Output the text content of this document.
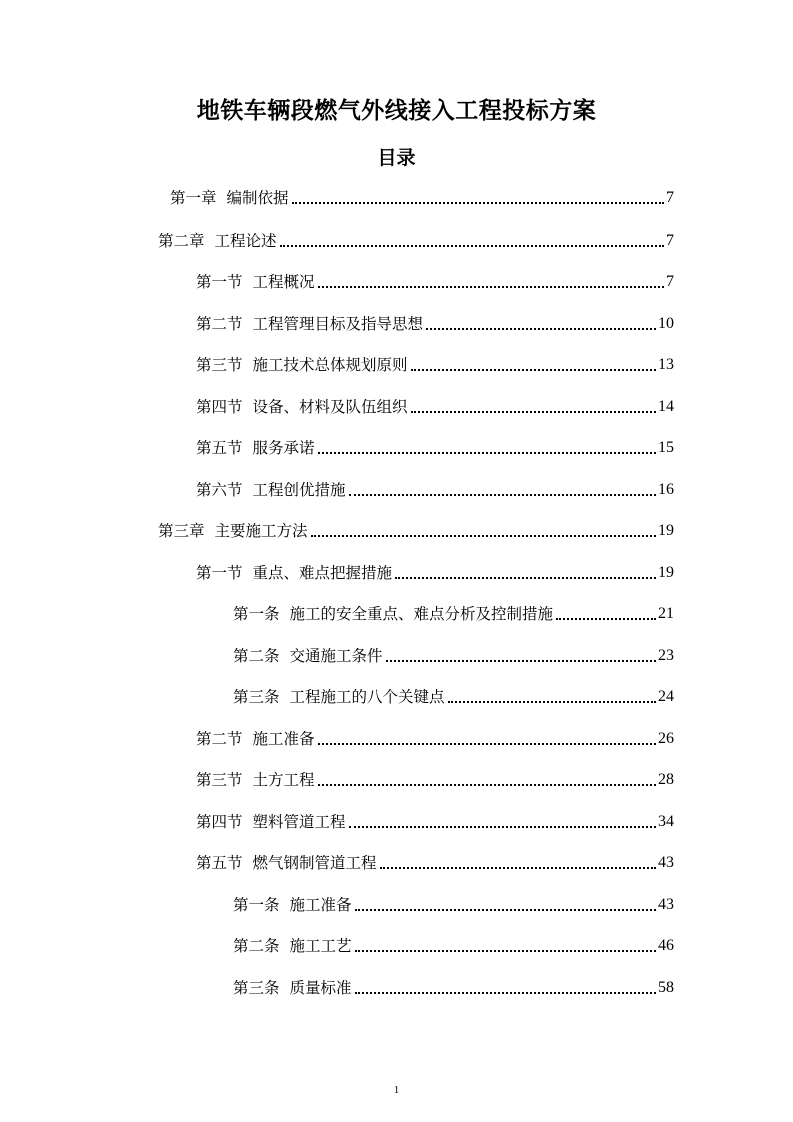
地铁车辆段燃气外线接入工程投标方案
目录
第一章 编制依据	7
第二章 工程论述	7
第一节 工程概况	7
第二节 工程管理目标及指导思想	10
第三节 施工技术总体规划原则	13
第四节 设备、材料及队伍组织	14
第五节 服务承诺	15
第六节 工程创优措施	16
第三章 主要施工方法	19
第一节 重点、难点把握措施	19
第一条 施工的安全重点、难点分析及控制措施	21
第二条 交通施工条件	23
第三条 工程施工的八个关键点	24
第二节 施工准备	26
第三节 土方工程	28
第四节 塑料管道工程	34
第五节 燃气钢制管道工程	43
第一条 施工准备	43
第二条 施工工艺	46
第三条 质量标准	58
1
